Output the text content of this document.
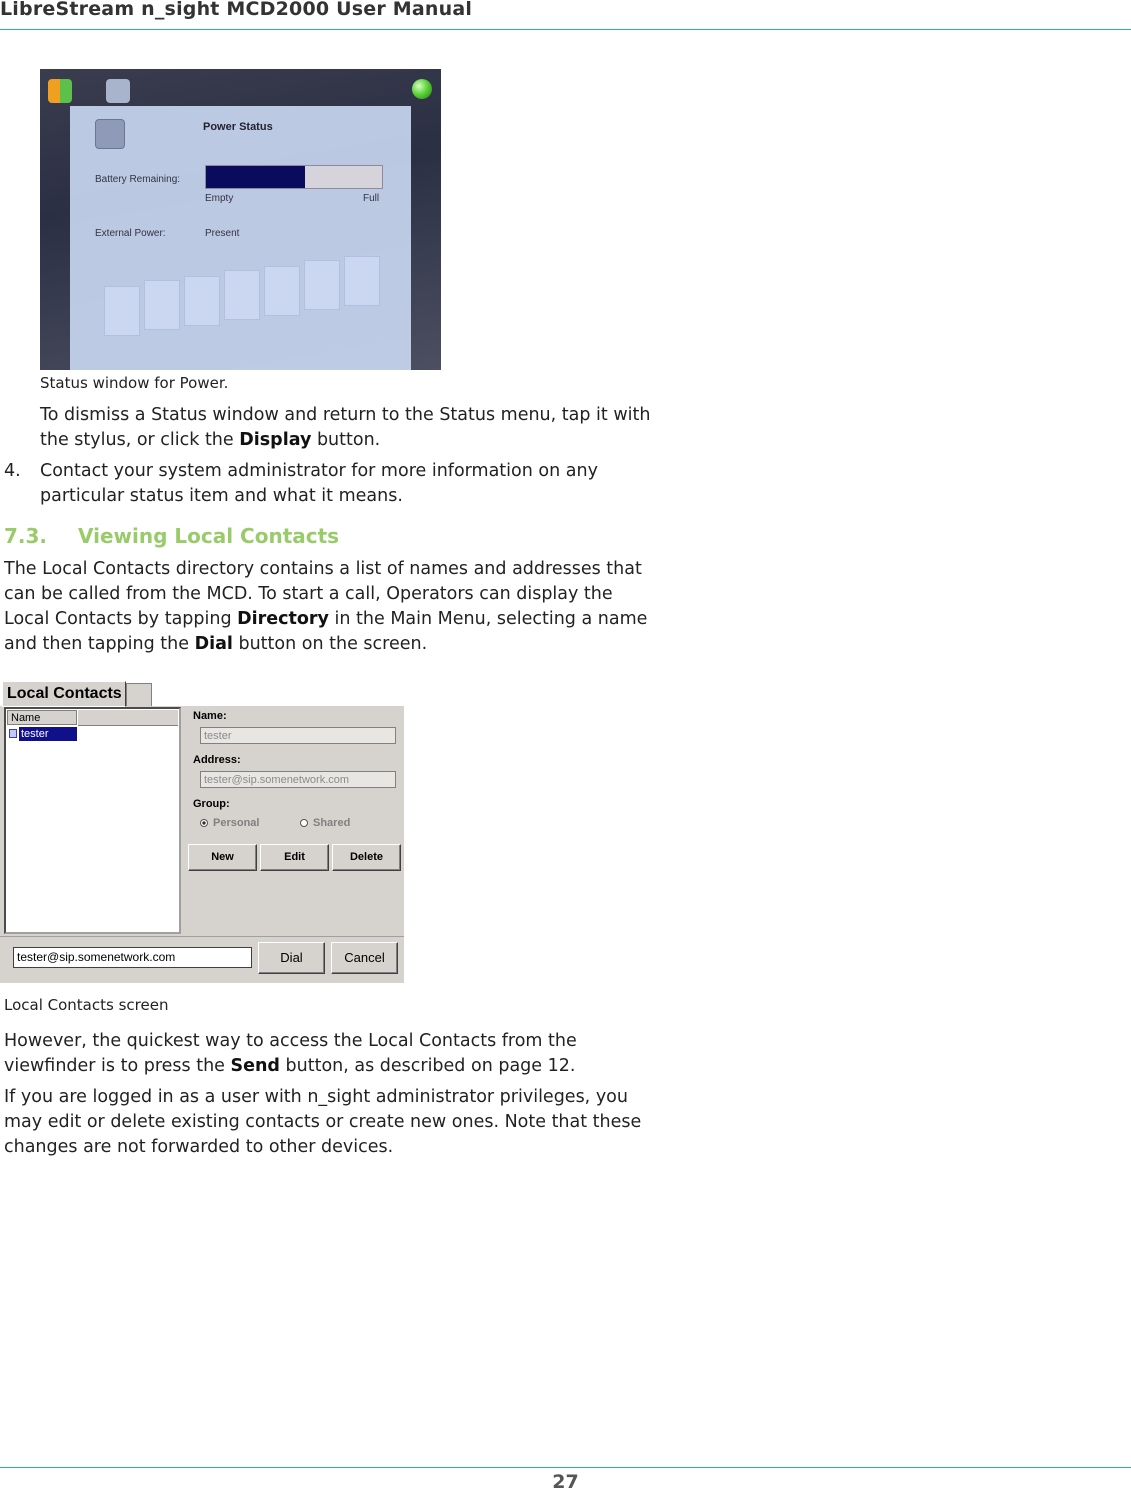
LibreStream n_sight MCD2000 User Manual
Power Status
Battery Remaining:
Empty	Full
External Power:	Present
Status window for Power.
To dismiss a Status window and return to the Status menu, tap it with
the stylus, or click the Display button.
4. Contact your system administrator for more information on any
particular status item and what it means.
7.3. Viewing Local Contacts
The Local Contacts directory contains a list of names and addresses that
can be called from the MCD. To start a call, Operators can display the
Local Contacts by tapping Directory in the Main Menu, selecting a name
and then tapping the Dial button on the screen.
Local Contacts
Name
tester
Name:
tester
Address:
tester@sip.somenetwork.com
Group:
Personal	Shared
New	Edit	Delete
tester@sip.somenetwork.com	Dial	Cancel
Local Contacts screen
However, the quickest way to access the Local Contacts from the
viewfinder is to press the Send button, as described on page 12.
If you are logged in as a user with n_sight administrator privileges, you
may edit or delete existing contacts or create new ones. Note that these
changes are not forwarded to other devices.
27
